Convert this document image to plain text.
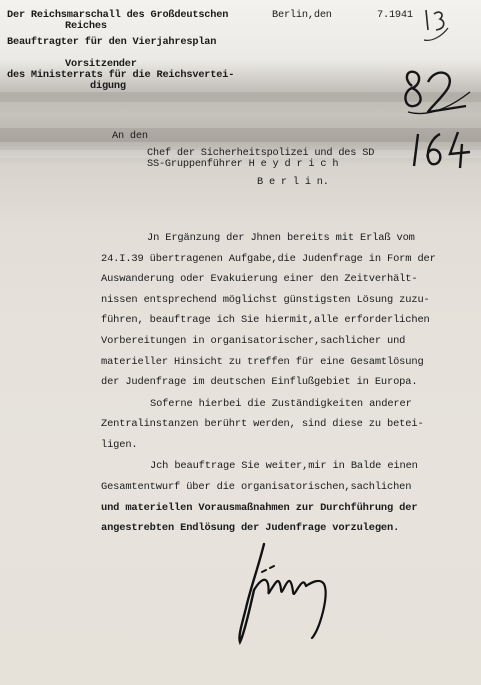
Der Reichsmarschall des Großdeutschen
Reiches
Beauftragter für den Vierjahresplan
Vorsitzender
des Ministerrats für die Reichsvertei-
digung
Berlin,den	7.1941
An den
Chef der Sicherheitspolizei und des SD
SS-Gruppenführer H e y d r i c h
B e r l i n.
Jn Ergänzung der Jhnen bereits mit Erlaß vom
24.I.39 übertragenen Aufgabe,die Judenfrage in Form der
Auswanderung oder Evakuierung einer den Zeitverhält-
nissen entsprechend möglichst günstigsten Lösung zuzu-
führen, beauftrage ich Sie hiermit,alle erforderlichen
Vorbereitungen in organisatorischer,sachlicher und
materieller Hinsicht zu treffen für eine Gesamtlösung
der Judenfrage im deutschen Einflußgebiet in Europa.
Soferne hierbei die Zuständigkeiten anderer
Zentralinstanzen berührt werden, sind diese zu betei-
ligen.
Jch beauftrage Sie weiter,mir in Balde einen
Gesamtentwurf über die organisatorischen,sachlichen
und materiellen Vorausmaßnahmen zur Durchführung der
angestrebten Endlösung der Judenfrage vorzulegen.
